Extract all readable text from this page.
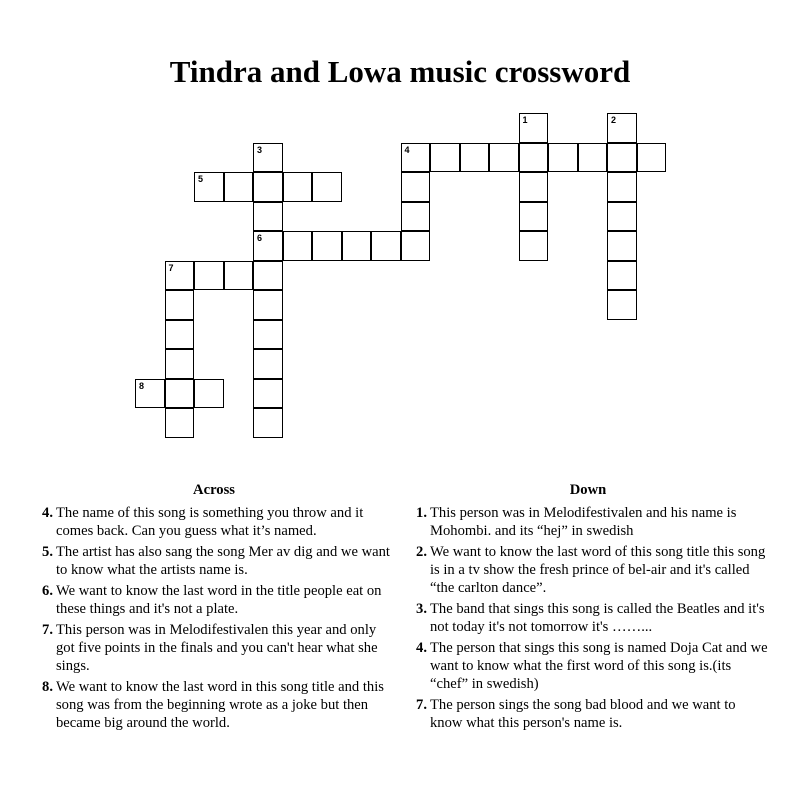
Tindra and Lowa music crossword
1	2
3
6
4
5
7
8
Across
4. The name of this song is something you throw and it comes back. Can you guess what it’s named.
5. The artist has also sang the song Mer av dig and we want to know what the artists name is.
6. We want to know the last word in the title people eat on these things and it's not a plate.
7. This person was in Melodifestivalen this year and only got five points in the finals and you can't hear what she sings.
8. We want to know the last word in this song title and this song was from the beginning wrote as a joke but then became big around the world.
Down
1. This person was in Melodifestivalen and his name is Mohombi. and its “hej” in swedish
2. We want to know the last word of this song title this song is in a tv show the fresh prince of bel-air and it's called “the carlton dance”.
3. The band that sings this song is called the Beatles and it's not today it's not tomorrow it's ……...
4. The person that sings this song is named Doja Cat and we want to know what the first word of this song is.(its “chef” in swedish)
7. The person sings the song bad blood and we want to know what this person's name is.
